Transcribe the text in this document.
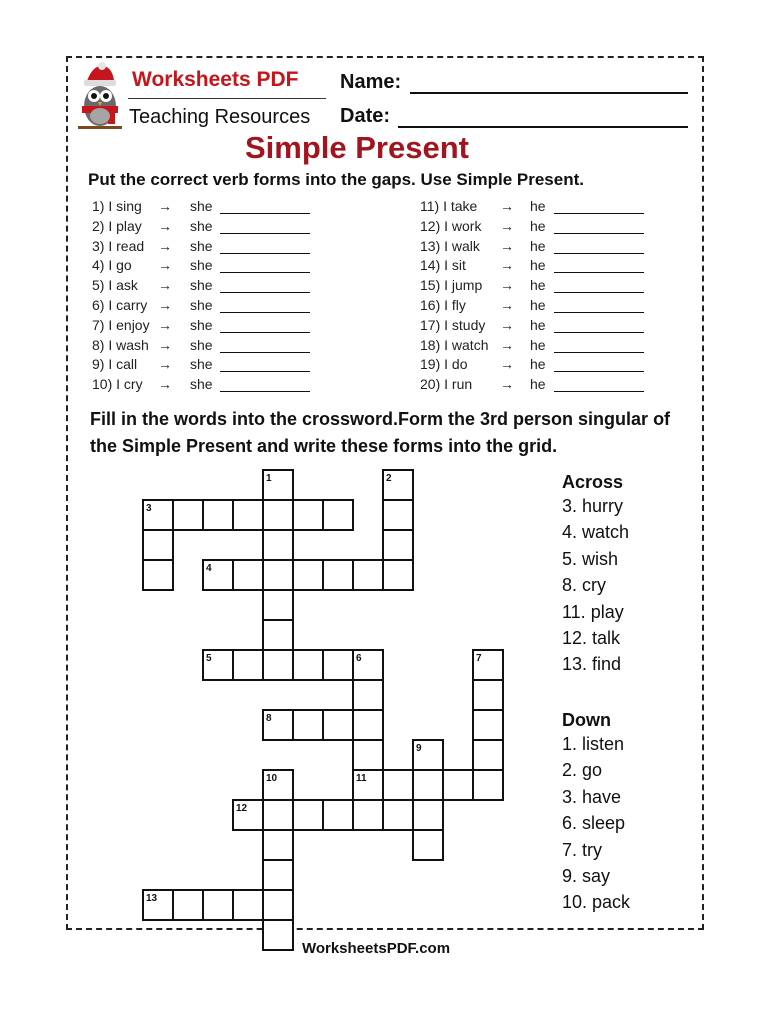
Worksheets PDF
Teaching Resources
Name:
Date:
Simple Present
Put the correct verb forms into the gaps. Use Simple Present.
1) I sing → she
2) I play → she
3) I read → she
4) I go → she
5) I ask → she
6) I carry → she
7) I enjoy → she
8) I wash → she
9) I call → she
10) I cry → she
11) I take → he
12) I work → he
13) I walk → he
14) I sit → he
15) I jump → he
16) I fly → he
17) I study → he
18) I watch → he
19) I do → he
20) I run → he
Fill in the words into the crossword.Form the 3rd person singular of the Simple Present and write these forms into the grid.
3
4
5
8
11
12
13
1	2
6	7
9
10
Across
3. hurry
4. watch
5. wish
8. cry
11. play
12. talk
13. find
Down
1. listen
2. go
3. have
6. sleep
7. try
9. say
10. pack
WorksheetsPDF.com
